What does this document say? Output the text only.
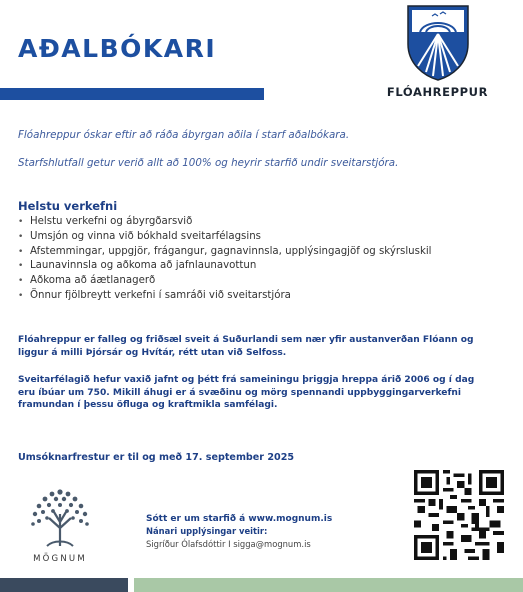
AÐALBÓKARI
FLÓAHREPPUR

Flóahreppur óskar eftir að ráða ábyrgan aðila í starf aðalbókara.

Starfshlutfall getur verið allt að 100% og heyrir starfið undir sveitarstjóra.

Helstu verkefni
• Helstu verkefni og ábyrgðarsvið
• Umsjón og vinna við bókhald sveitarfélagsins
• Afstemmingar, uppgjör, frágangur, gagnavinnsla, upplýsingagjöf og skýrsluskil
• Launavinnsla og aðkoma að jafnlaunavottun
• Aðkoma að áætlanagerð
• Önnur fjölbreytt verkefni í samráði við sveitarstjóra

Flóahreppur er falleg og friðsæl sveit á Suðurlandi sem nær yfir austanverðan Flóann og liggur á milli Þjórsár og Hvítár, rétt utan við Selfoss.

Sveitarfélagið hefur vaxið jafnt og þétt frá sameiningu þriggja hreppa árið 2006 og í dag eru íbúar um 750. Mikill áhugi er á svæðinu og mörg spennandi uppbyggingarverkefni framundan í þessu öfluga og kraftmikla samfélagi.

Umsóknarfrestur er til og með 17. september 2025

MÖGNUM
Sótt er um starfið á www.mognum.is
Nánari upplýsingar veitir:
Sigríður Ólafsdóttir I sigga@mognum.is
